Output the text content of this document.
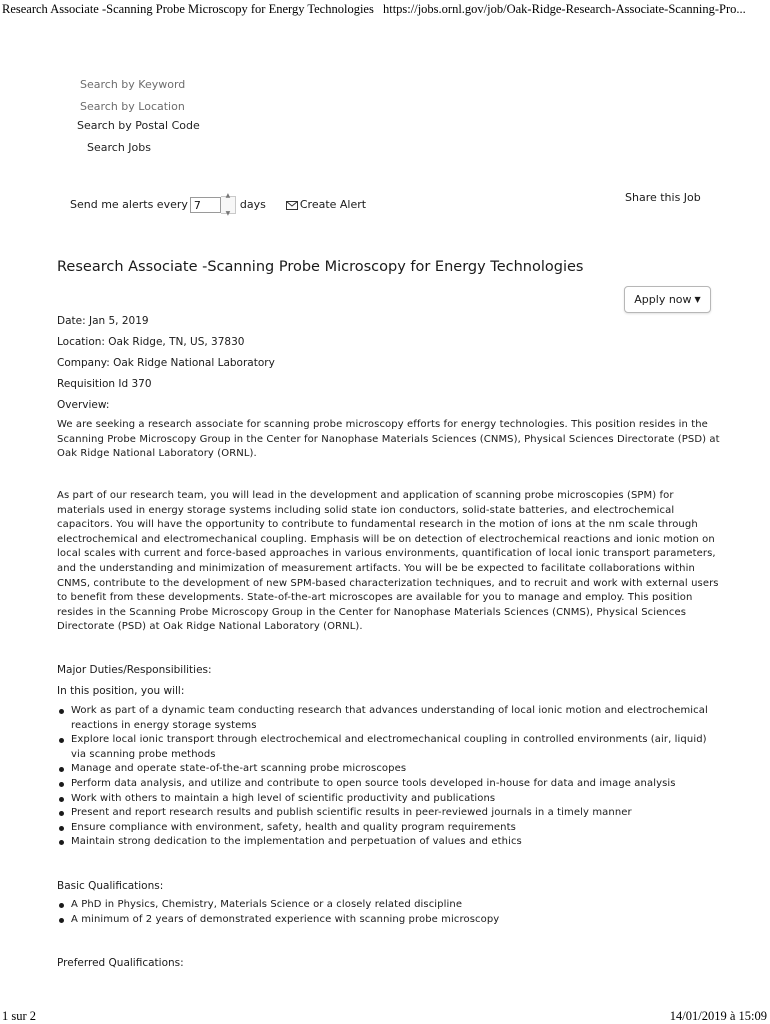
Research Associate -Scanning Probe Microscopy for Energy Technologies https://jobs.ornl.gov/job/Oak-Ridge-Research-Associate-Scanning-Pro...
Search by Keyword
Search by Location
Search by Postal Code
Search Jobs
Send me alerts every
7
▲
▼
days	Create Alert
Share this Job
Research Associate -Scanning Probe Microscopy for Energy Technologies
Apply now ▼
Date: Jan 5, 2019
Location: Oak Ridge, TN, US, 37830
Company: Oak Ridge National Laboratory
Requisition Id 370
Overview:

We are seeking a research associate for scanning probe microscopy efforts for energy technologies. This position resides in the Scanning Probe Microscopy Group in the Center for Nanophase Materials Sciences (CNMS), Physical Sciences Directorate (PSD) at Oak Ridge National Laboratory (ORNL).

As part of our research team, you will lead in the development and application of scanning probe microscopies (SPM) for materials used in energy storage systems including solid state ion conductors, solid-state batteries, and electrochemical capacitors. You will have the opportunity to contribute to fundamental research in the motion of ions at the nm scale through electrochemical and electromechanical coupling. Emphasis will be on detection of electrochemical reactions and ionic motion on local scales with current and force-based approaches in various environments, quantification of local ionic transport parameters, and the understanding and minimization of measurement artifacts. You will be be expected to facilitate collaborations within CNMS, contribute to the development of new SPM-based characterization techniques, and to recruit and work with external users to benefit from these developments. State-of-the-art microscopes are available for you to manage and employ. This position resides in the Scanning Probe Microscopy Group in the Center for Nanophase Materials Sciences (CNMS), Physical Sciences Directorate (PSD) at Oak Ridge National Laboratory (ORNL).

Major Duties/Responsibilities:
In this position, you will:
Work as part of a dynamic team conducting research that advances understanding of local ionic motion and electrochemical reactions in energy storage systems
Explore local ionic transport through electrochemical and electromechanical coupling in controlled environments (air, liquid) via scanning probe methods
Manage and operate state-of-the-art scanning probe microscopes
Perform data analysis, and utilize and contribute to open source tools developed in-house for data and image analysis
Work with others to maintain a high level of scientific productivity and publications
Present and report research results and publish scientific results in peer-reviewed journals in a timely manner
Ensure compliance with environment, safety, health and quality program requirements
Maintain strong dedication to the implementation and perpetuation of values and ethics
Basic Qualifications:
A PhD in Physics, Chemistry, Materials Science or a closely related discipline
A minimum of 2 years of demonstrated experience with scanning probe microscopy
Preferred Qualifications:
1 sur 2	14/01/2019 à 15:09
